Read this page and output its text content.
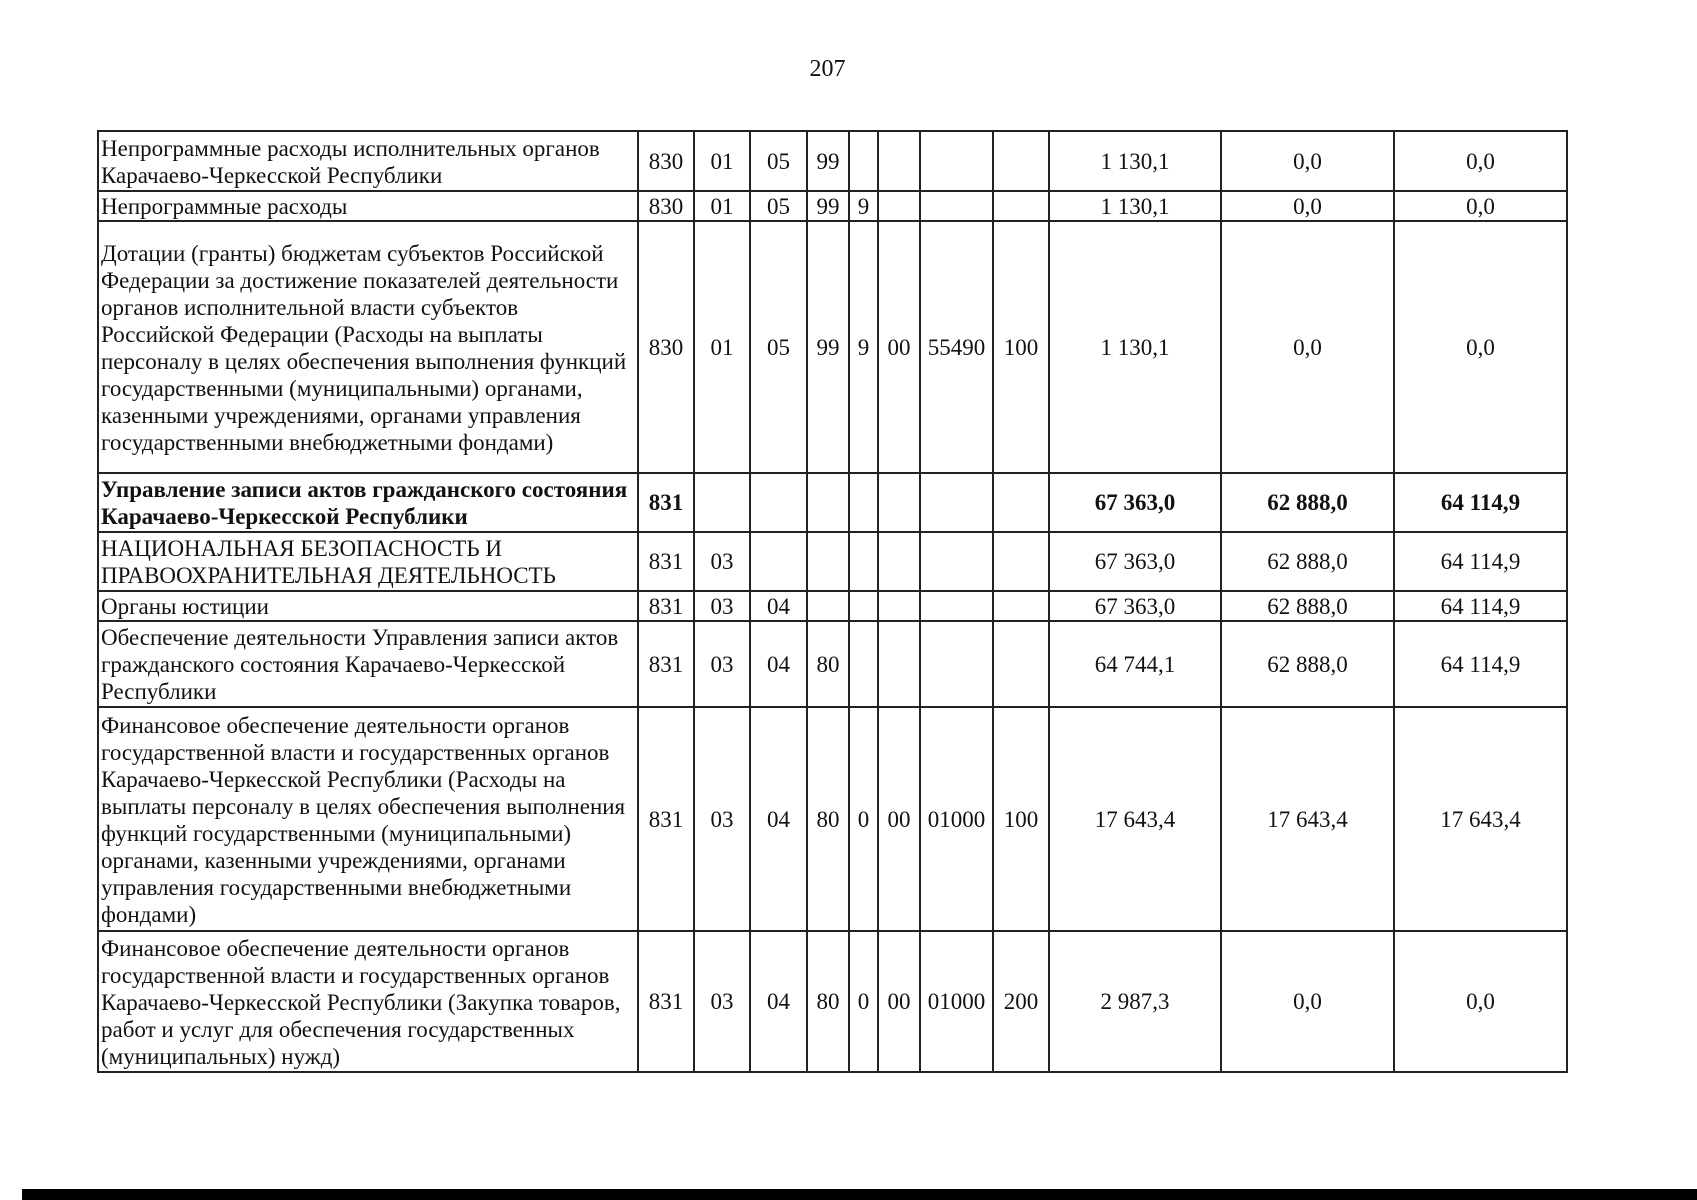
207
Непрограммные расходы исполнительных органов Карачаево-Черкесской Республики	830	01	05	99					1 130,1	0,0	0,0
Непрограммные расходы	830	01	05	99	9				1 130,1	0,0	0,0
Дотации (гранты) бюджетам субъектов Российской Федерации за достижение показателей деятельности органов исполнительной власти субъектов Российской Федерации (Расходы на выплаты персоналу в целях обеспечения выполнения функций государственными (муниципальными) органами, казенными учреждениями, органами управления государственными внебюджетными фондами)	830	01	05	99	9	00	55490	100	1 130,1	0,0	0,0
Управление записи актов гражданского состояния Карачаево-Черкесской Республики	831								67 363,0	62 888,0	64 114,9
НАЦИОНАЛЬНАЯ БЕЗОПАСНОСТЬ И ПРАВООХРАНИТЕЛЬНАЯ ДЕЯТЕЛЬНОСТЬ	831	03							67 363,0	62 888,0	64 114,9
Органы юстиции	831	03	04						67 363,0	62 888,0	64 114,9
Обеспечение деятельности Управления записи актов гражданского состояния Карачаево-Черкесской Республики	831	03	04	80					64 744,1	62 888,0	64 114,9
Финансовое обеспечение деятельности органов государственной власти и государственных органов Карачаево-Черкесской Республики (Расходы на выплаты персоналу в целях обеспечения выполнения функций государственными (муниципальными) органами, казенными учреждениями, органами управления государственными внебюджетными фондами)	831	03	04	80	0	00	01000	100	17 643,4	17 643,4	17 643,4
Финансовое обеспечение деятельности органов государственной власти и государственных органов Карачаево-Черкесской Республики (Закупка товаров, работ и услуг для обеспечения государственных (муниципальных) нужд)	831	03	04	80	0	00	01000	200	2 987,3	0,0	0,0
